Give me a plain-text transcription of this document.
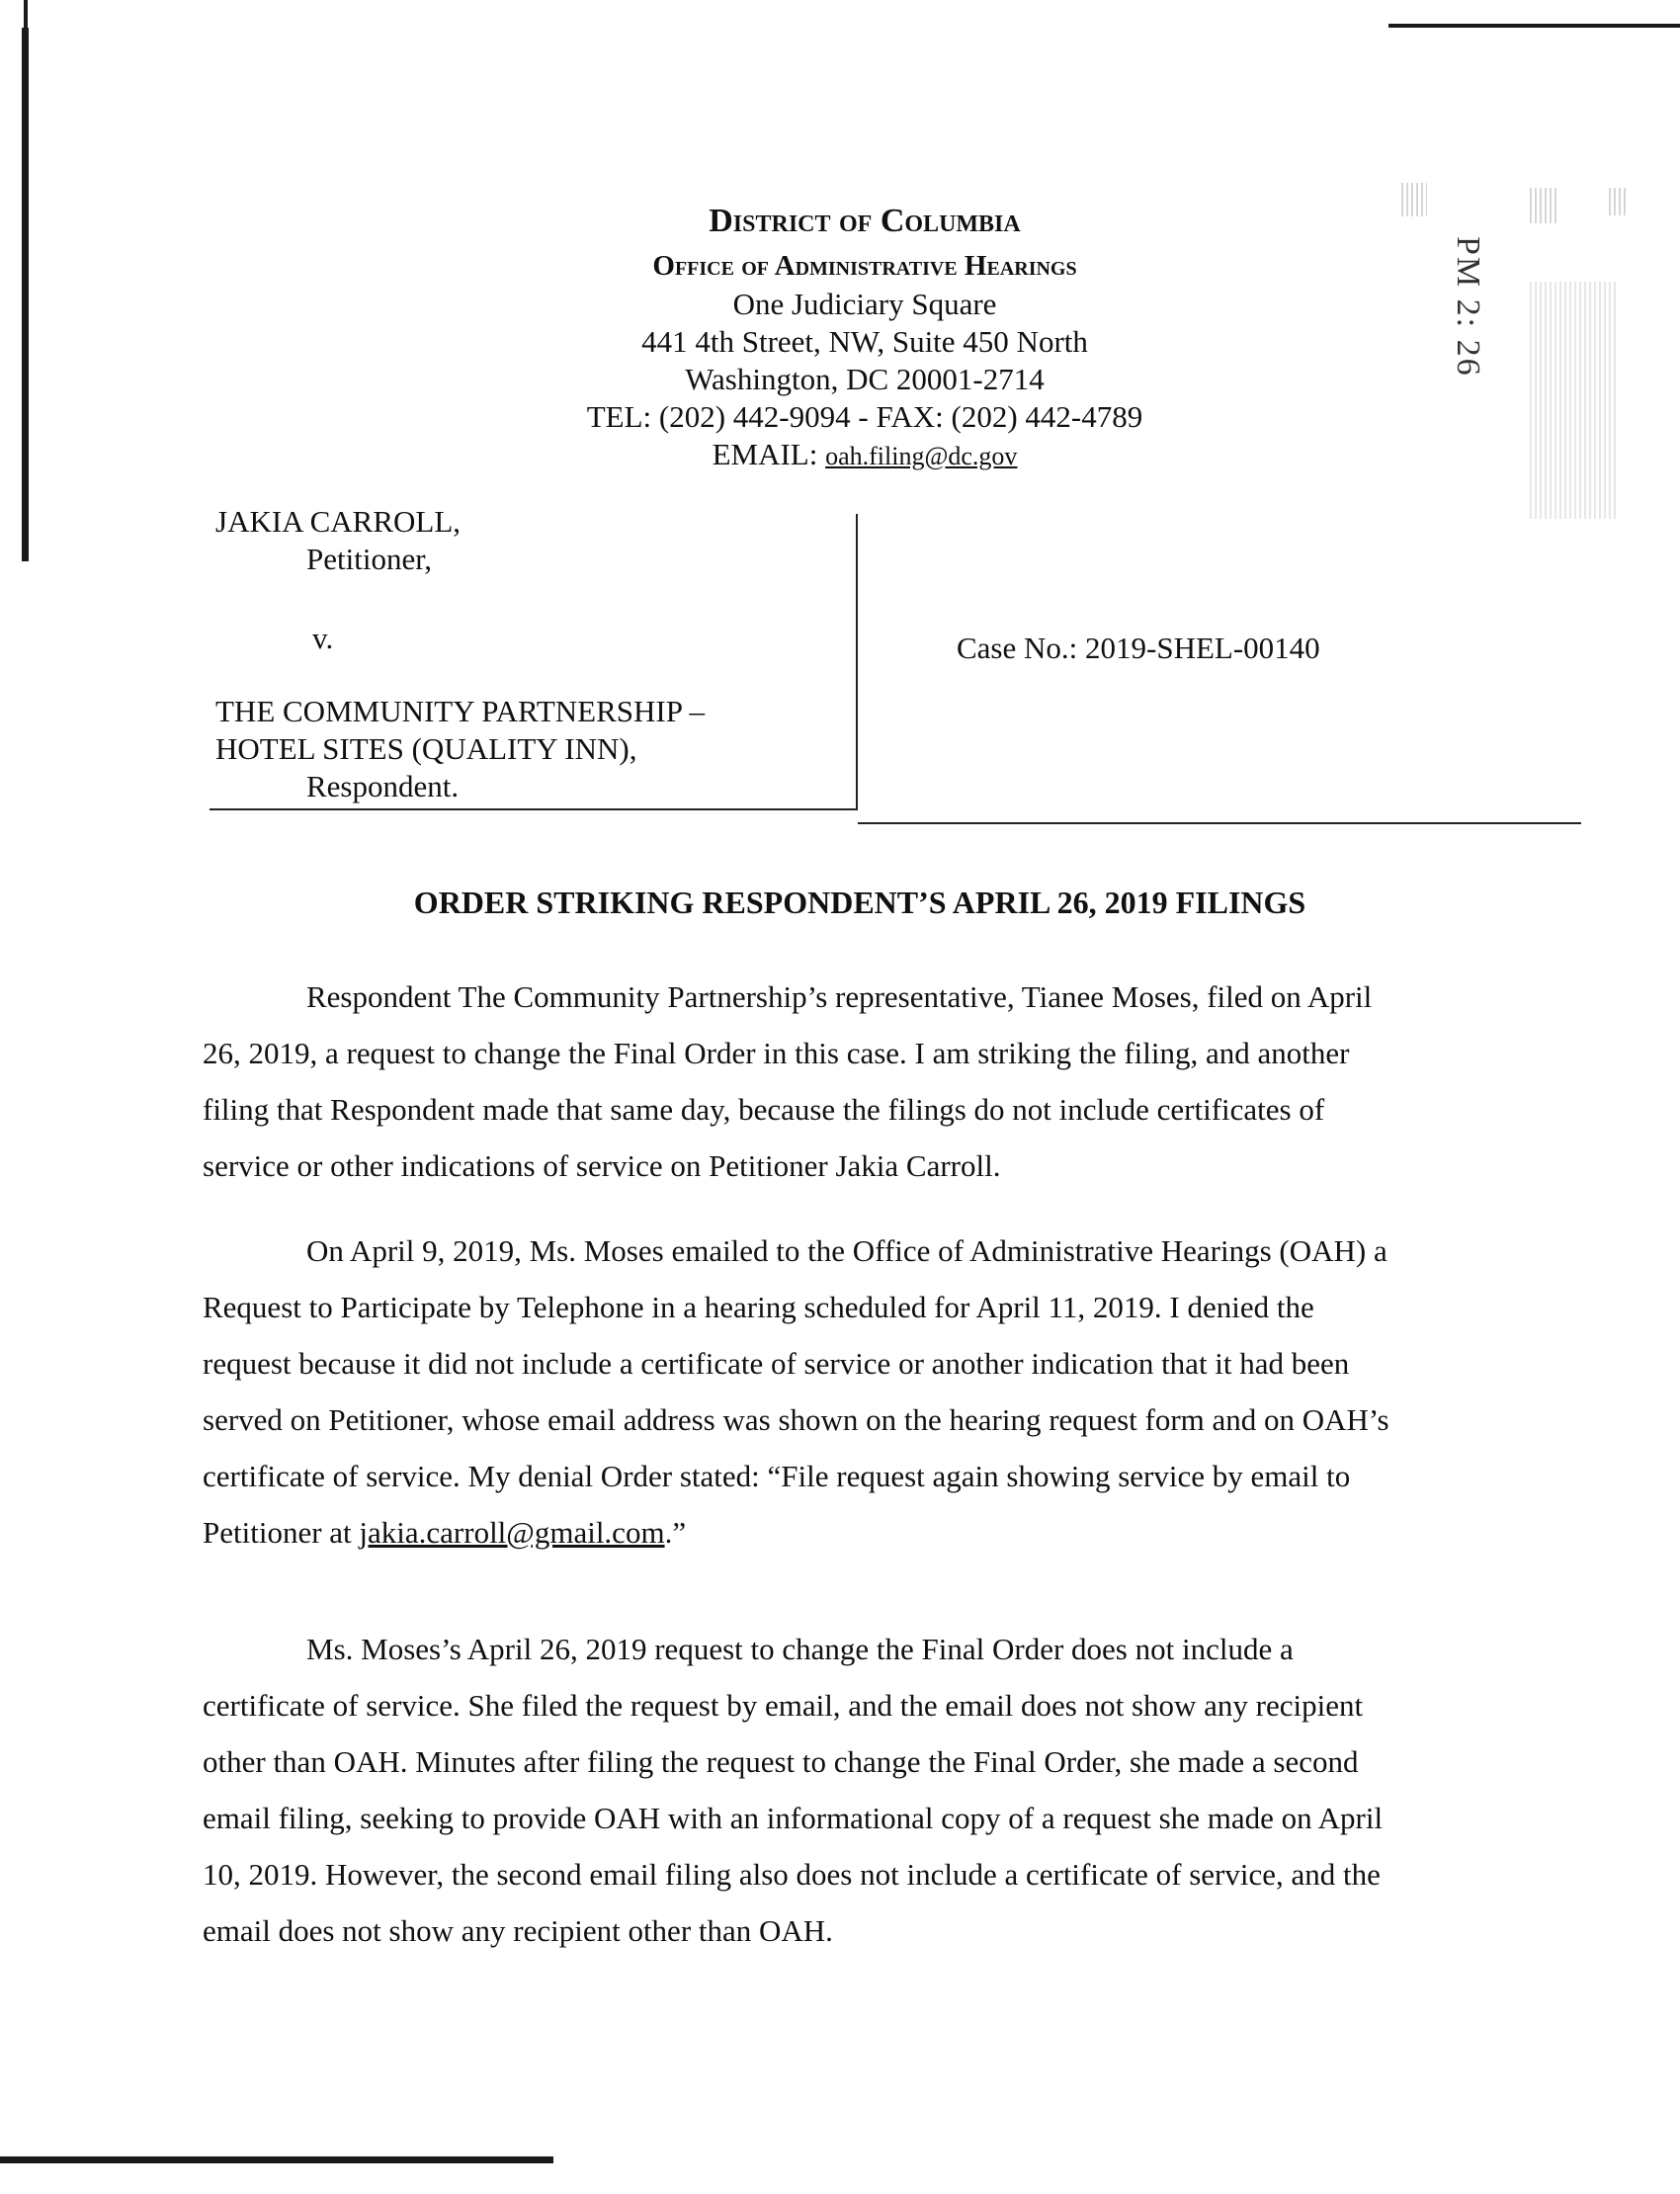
PM 2: 26
District of Columbia
Office of Administrative Hearings
One Judiciary Square
441 4th Street, NW, Suite 450 North
Washington, DC 20001-2714
TEL: (202) 442-9094 - FAX: (202) 442-4789
EMAIL: oah.filing@dc.gov
JAKIA CARROLL,
Petitioner,
v.
THE COMMUNITY PARTNERSHIP –
HOTEL SITES (QUALITY INN),
Respondent.
Case No.: 2019-SHEL-00140
ORDER STRIKING RESPONDENT’S APRIL 26, 2019 FILINGS
Respondent The Community Partnership’s representative, Tianee Moses, filed on April
26, 2019, a request to change the Final Order in this case. I am striking the filing, and another
filing that Respondent made that same day, because the filings do not include certificates of
service or other indications of service on Petitioner Jakia Carroll.
On April 9, 2019, Ms. Moses emailed to the Office of Administrative Hearings (OAH) a
Request to Participate by Telephone in a hearing scheduled for April 11, 2019. I denied the
request because it did not include a certificate of service or another indication that it had been
served on Petitioner, whose email address was shown on the hearing request form and on OAH’s
certificate of service. My denial Order stated: “File request again showing service by email to
Petitioner at jakia.carroll@gmail.com.”
Ms. Moses’s April 26, 2019 request to change the Final Order does not include a
certificate of service. She filed the request by email, and the email does not show any recipient
other than OAH. Minutes after filing the request to change the Final Order, she made a second
email filing, seeking to provide OAH with an informational copy of a request she made on April
10, 2019. However, the second email filing also does not include a certificate of service, and the
email does not show any recipient other than OAH.
